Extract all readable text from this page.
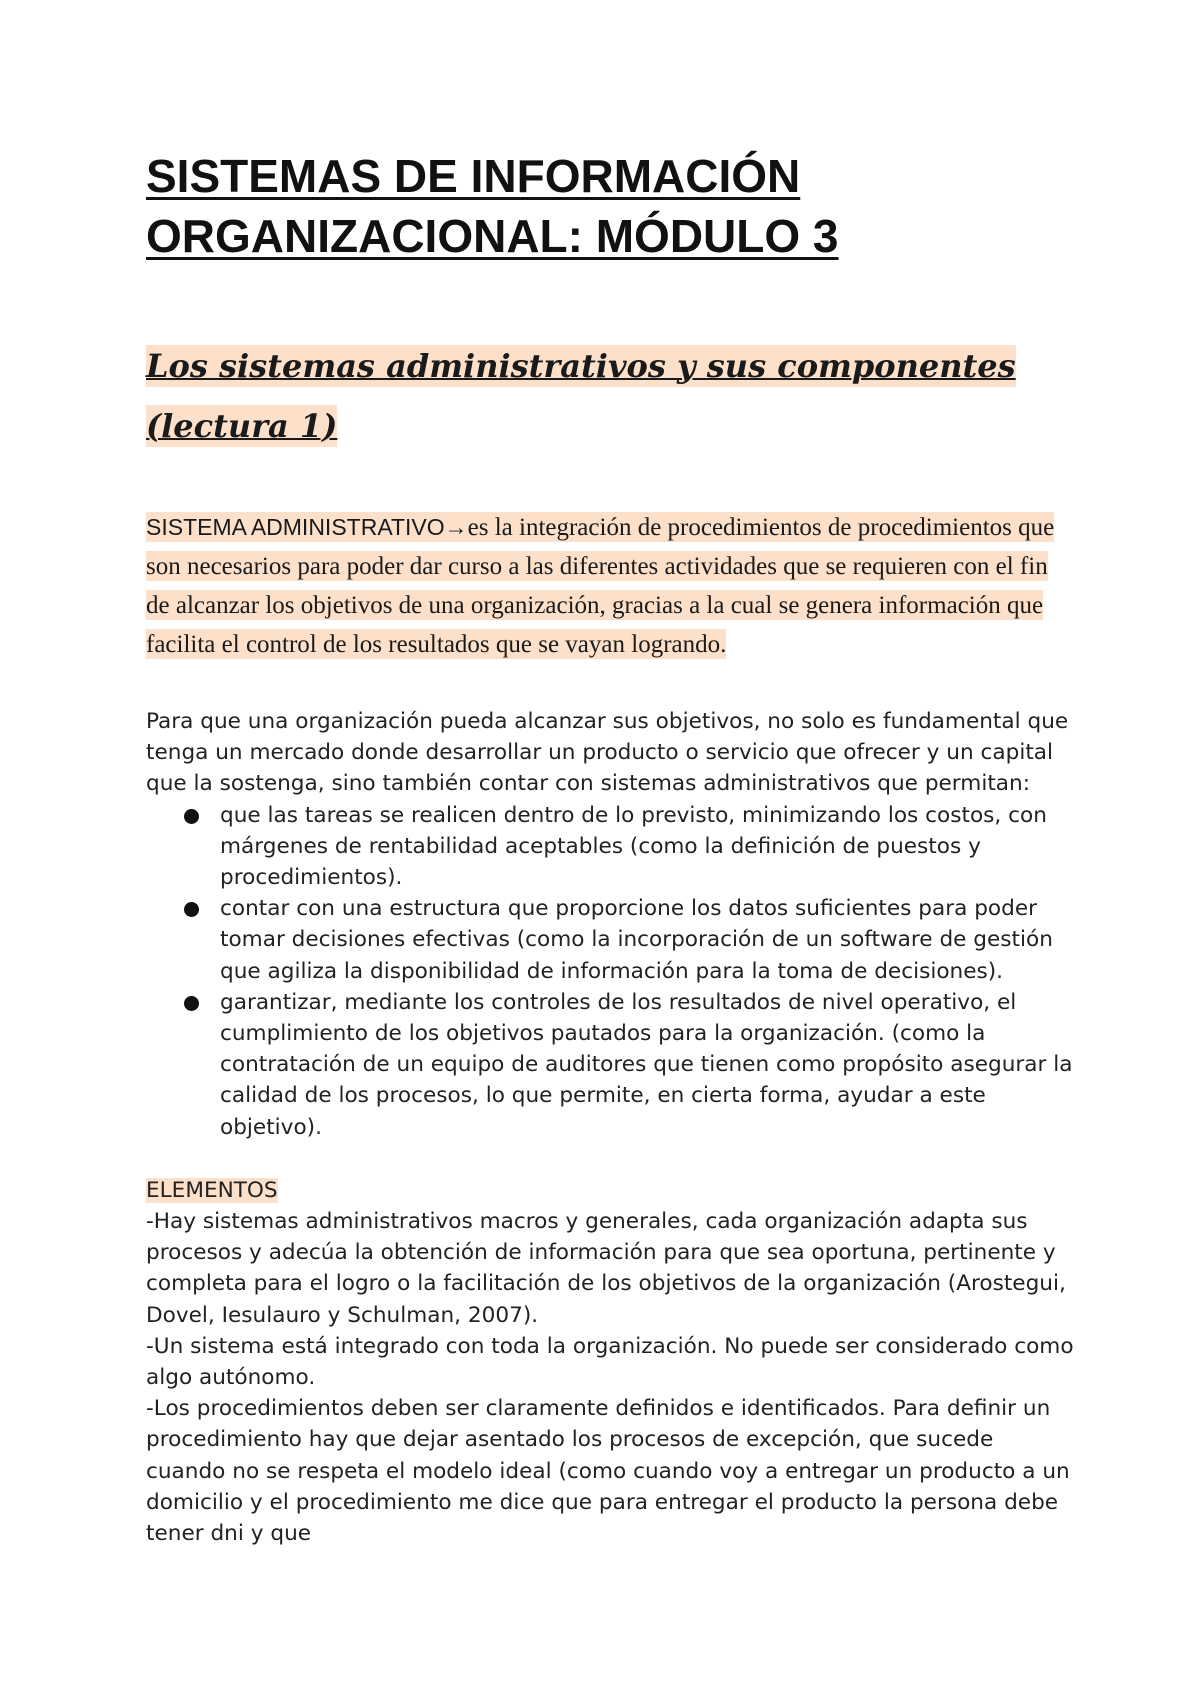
SISTEMAS DE INFORMACIÓN ORGANIZACIONAL: MÓDULO 3
Los sistemas administrativos y sus componentes (lectura 1)

SISTEMA ADMINISTRATIVO→es la integración de procedimientos de procedimientos que son necesarios para poder dar curso a las diferentes actividades que se requieren con el fin de alcanzar los objetivos de una organización, gracias a la cual se genera información que facilita el control de los resultados que se vayan logrando.

Para que una organización pueda alcanzar sus objetivos, no solo es fundamental que tenga un mercado donde desarrollar un producto o servicio que ofrecer y un capital que la sostenga, sino también contar con sistemas administrativos que permitan:

que las tareas se realicen dentro de lo previsto, minimizando los costos, con márgenes de rentabilidad aceptables (como la definición de puestos y procedimientos).
contar con una estructura que proporcione los datos suficientes para poder tomar decisiones efectivas (como la incorporación de un software de gestión que agiliza la disponibilidad de información para la toma de decisiones).
garantizar, mediante los controles de los resultados de nivel operativo, el cumplimiento de los objetivos pautados para la organización. (como la contratación de un equipo de auditores que tienen como propósito asegurar la calidad de los procesos, lo que permite, en cierta forma, ayudar a este objetivo).
ELEMENTOS

-Hay sistemas administrativos macros y generales, cada organización adapta sus procesos y adecúa la obtención de información para que sea oportuna, pertinente y completa para el logro o la facilitación de los objetivos de la organización (Arostegui, Dovel, Iesulauro y Schulman, 2007).

-Un sistema está integrado con toda la organización. No puede ser considerado como algo autónomo.

-Los procedimientos deben ser claramente definidos e identificados. Para definir un procedimiento hay que dejar asentado los procesos de excepción, que sucede cuando no se respeta el modelo ideal (como cuando voy a entregar un producto a un domicilio y el procedimiento me dice que para entregar el producto la persona debe tener dni y que
